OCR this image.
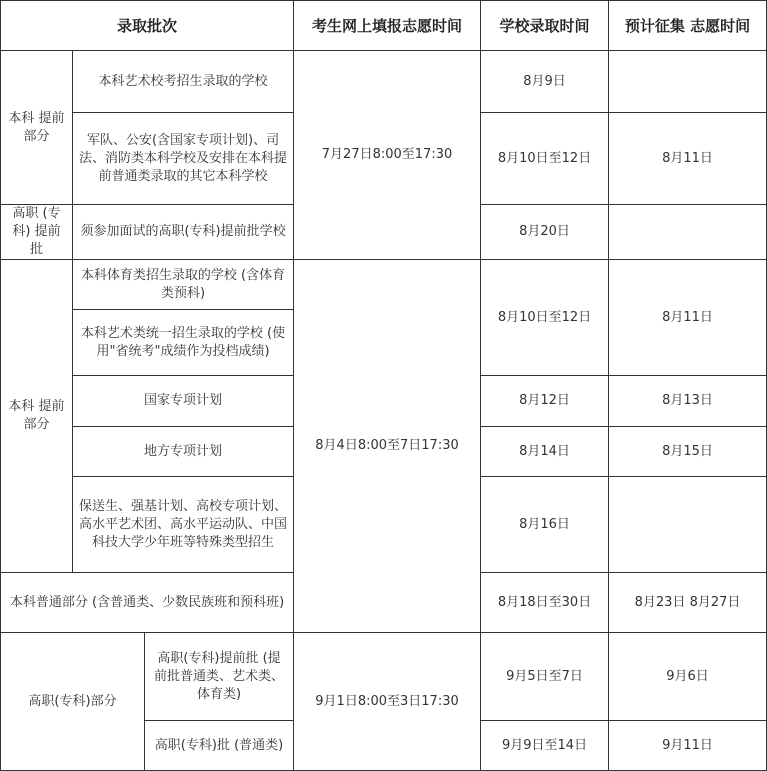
录取批次			考生网上填报志愿时间	学校录取时间	预计征集 志愿时间
本科 提前部分	本科艺术校考招生录取的学校		7月27日8:00至17:30	8月9日	
	军队、公安(含国家专项计划)、司法、消防类本科学校及安排在本科提前普通类录取的其它本科学校			8月10日至12日	8月11日
高职 (专科) 提前批	须参加面试的高职(专科)提前批学校			8月20日	
本科 提前部分	本科体育类招生录取的学校 (含体育类预科)		8月4日8:00至7日17:30	8月10日至12日	8月11日
	本科艺术类统一招生录取的学校 (使用"省统考"成绩作为投档成绩)				
	国家专项计划			8月12日	8月13日
	地方专项计划			8月14日	8月15日
	保送生、强基计划、高校专项计划、高水平艺术团、高水平运动队、中国科技大学少年班等特殊类型招生			8月16日	
本科普通部分 (含普通类、少数民族班和预科班)				8月18日至30日	8月23日 8月27日
高职(专科)部分		高职(专科)提前批 (提前批普通类、艺术类、体育类)	9月1日8:00至3日17:30	9月5日至7日	9月6日
		高职(专科)批 (普通类)		9月9日至14日	9月11日
